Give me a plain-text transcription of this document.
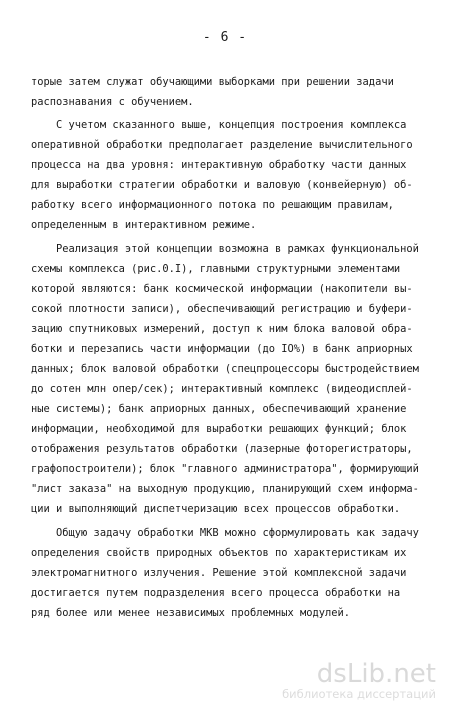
- 6 -
торые затем служат обучающими выборками при решении задачи
распознавания с обучением.
С учетом сказанного выше, концепция построения комплекса
оперативной обработки предполагает разделение вычислительного
процесса на два уровня: интерактивную обработку части данных
для выработки стратегии обработки и валовую (конвейерную) об-
работку всего информационного потока по решающим правилам,
определенным в интерактивном режиме.
Реализация этой концепции возможна в рамках функциональной
схемы комплекса (рис.0.I), главными структурными элементами
которой являются: банк космической информации (накопители вы-
сокой плотности записи), обеспечивающий регистрацию и буфери-
зацию спутниковых измерений, доступ к ним блока валовой обра-
ботки и перезапись части информации (до IO%) в банк априорных
данных; блок валовой обработки (спецпроцессоры быстродействием
до сотен млн опер/сек); интерактивный комплекс (видеодисплей-
ные системы); банк априорных данных, обеспечивающий хранение
информации, необходимой для выработки решающих функций; блок
отображения результатов обработки (лазерные фоторегистраторы,
графопостроители); блок "главного администратора", формирующий
"лист заказа" на выходную продукцию, планирующий схем информа-
ции и выполняющий диспетчеризацию всех процессов обработки.
Общую задачу обработки МКВ можно сформулировать как задачу
определения свойств природных объектов по характеристикам их
электромагнитного излучения. Решение этой комплексной задачи
достигается путем подразделения всего процесса обработки на
ряд более или менее независимых проблемных модулей.
dsLib.net
библиотека диссертаций
